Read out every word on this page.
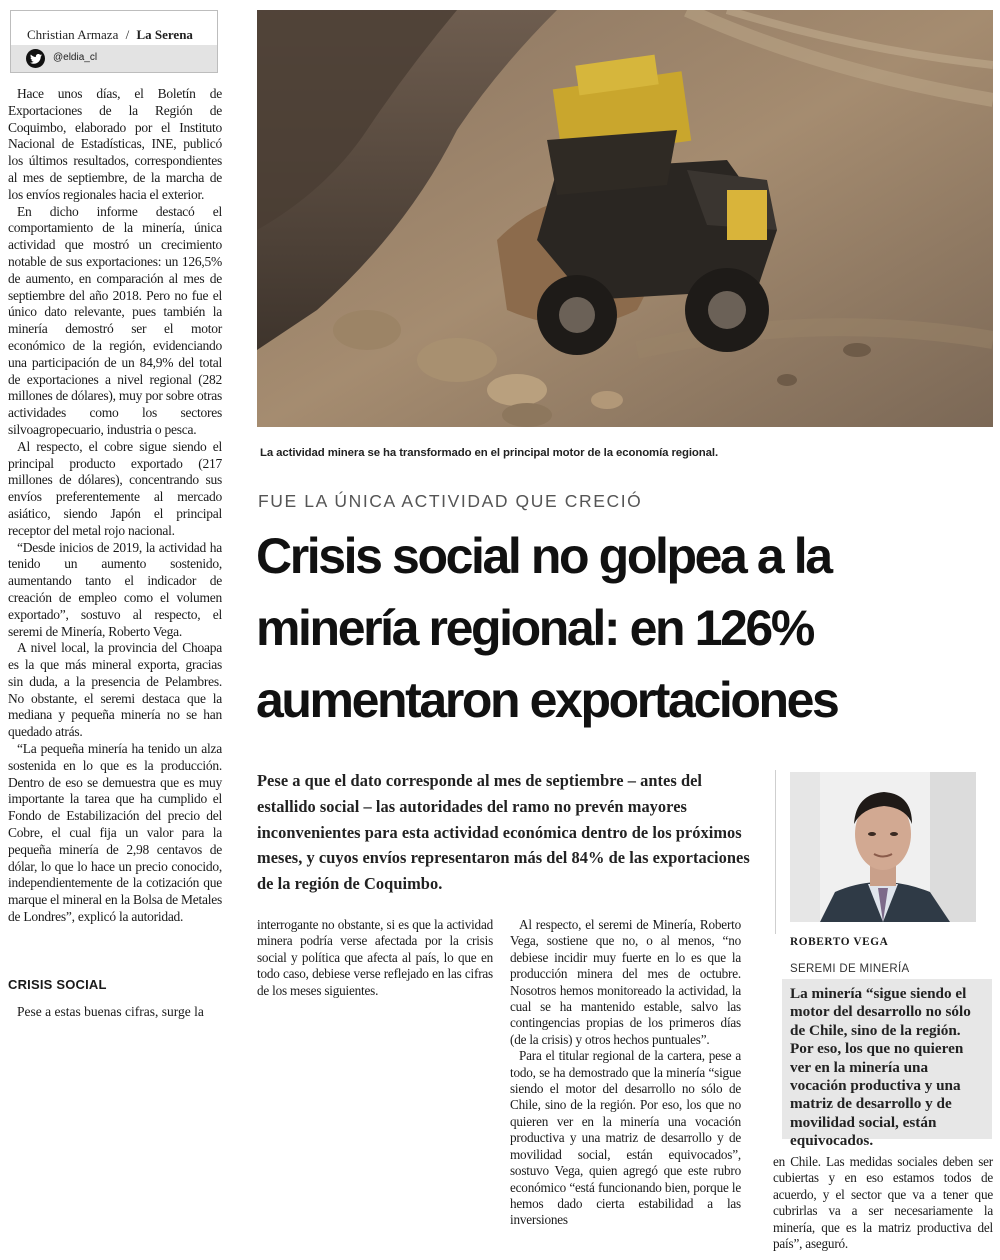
Christian Armaza / La Serena
@eldia_cl

Hace unos días, el Boletín de Exportaciones de la Región de Coquimbo, elaborado por el Instituto Nacional de Estadísticas, INE, publicó los últimos resultados, correspondientes al mes de septiembre, de la marcha de los envíos regionales hacia el exterior.

En dicho informe destacó el comportamiento de la minería, única actividad que mostró un crecimiento notable de sus exportaciones: un 126,5% de aumento, en comparación al mes de septiembre del año 2018. Pero no fue el único dato relevante, pues también la minería demostró ser el motor económico de la región, evidenciando una participación de un 84,9% del total de exportaciones a nivel regional (282 millones de dólares), muy por sobre otras actividades como los sectores silvoagropecuario, industria o pesca.

Al respecto, el cobre sigue siendo el principal producto exportado (217 millones de dólares), concentrando sus envíos preferentemente al mercado asiático, siendo Japón el principal receptor del metal rojo nacional.

“Desde inicios de 2019, la actividad ha tenido un aumento sostenido, aumentando tanto el indicador de creación de empleo como el volumen exportado”, sostuvo al respecto, el seremi de Minería, Roberto Vega.

A nivel local, la provincia del Choapa es la que más mineral exporta, gracias sin duda, a la presencia de Pelambres. No obstante, el seremi destaca que la mediana y pequeña minería no se han quedado atrás.

“La pequeña minería ha tenido un alza sostenida en lo que es la producción. Dentro de eso se demuestra que es muy importante la tarea que ha cumplido el Fondo de Estabilización del precio del Cobre, el cual fija un valor para la pequeña minería de 2,98 centavos de dólar, lo que lo hace un precio conocido, independientemente de la cotización que marque el mineral en la Bolsa de Metales de Londres”, explicó la autoridad.

CRISIS SOCIAL
Pese a estas buenas cifras, surge la
La actividad minera se ha transformado en el principal motor de la economía regional.
FUE LA ÚNICA ACTIVIDAD QUE CRECIÓ
Crisis social no golpea a la
minería regional: en 126%
aumentaron exportaciones
Pese a que el dato corresponde al mes de septiembre – antes del estallido social – las autoridades del ramo no prevén mayores inconvenientes para esta actividad económica dentro de los próximos meses, y cuyos envíos representaron más del 84% de las exportaciones de la región de Coquimbo.

interrogante no obstante, si es que la actividad minera podría verse afectada por la crisis social y política que afecta al país, lo que en todo caso, debiese verse reflejado en las cifras de los meses siguientes.

Al respecto, el seremi de Minería, Roberto Vega, sostiene que no, o al menos, “no debiese incidir muy fuerte en lo es que la producción minera del mes de octubre. Nosotros hemos monitoreado la actividad, la cual se ha mantenido estable, salvo las contingencias propias de los primeros días (de la crisis) y otros hechos puntuales”.

Para el titular regional de la cartera, pese a todo, se ha demostrado que la minería “sigue siendo el motor del desarrollo no sólo de Chile, sino de la región. Por eso, los que no quieren ver en la minería una vocación productiva y una matriz de desarrollo y de movilidad social, están equivocados”, sostuvo Vega, quien agregó que este rubro económico “está funcionando bien, porque le hemos dado cierta estabilidad a las inversiones

en Chile. Las medidas sociales deben ser cubiertas y en eso estamos todos de acuerdo, y el sector que va a tener que cubrirlas va a ser necesariamente la minería, que es la matriz productiva del país”, aseguró.

ROBERTO VEGA
SEREMI DE MINERÍA
La minería “sigue siendo el motor del desarrollo no sólo de Chile, sino de la región. Por eso, los que no quieren ver en la minería una vocación productiva y una matriz de desarrollo y de movilidad social, están equivocados.
